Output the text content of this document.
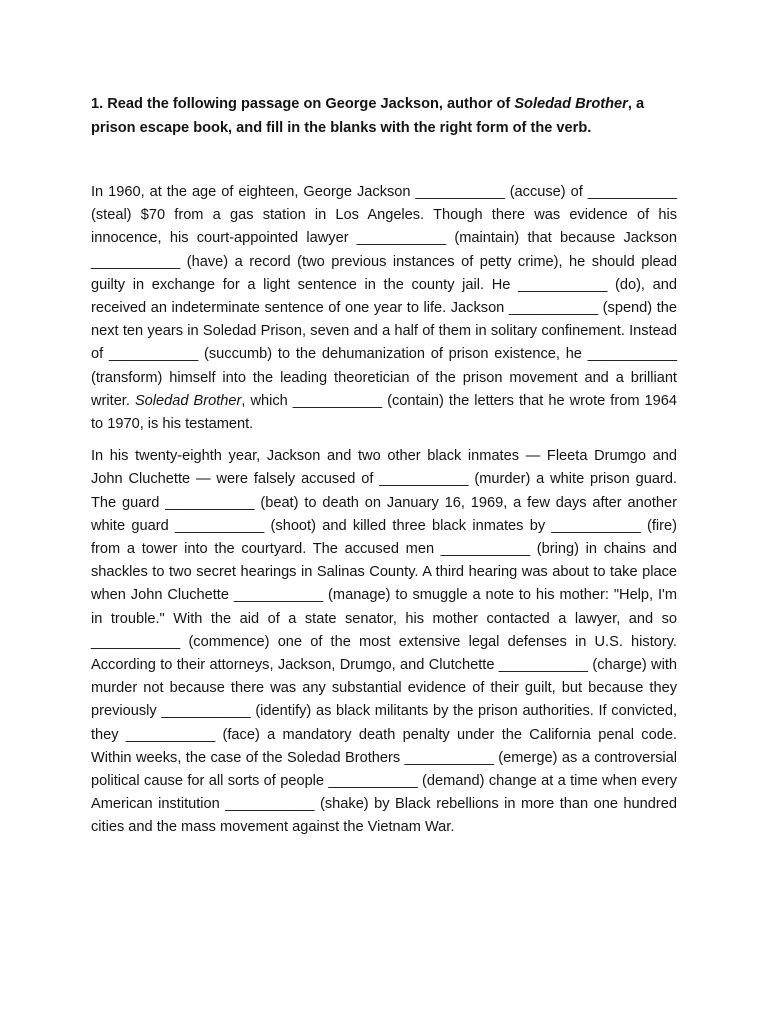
1. Read the following passage on George Jackson, author of Soledad Brother, a prison escape book, and fill in the blanks with the right form of the verb.

In 1960, at the age of eighteen, George Jackson ___________ (accuse) of ___________ (steal) $70 from a gas station in Los Angeles. Though there was evidence of his innocence, his court-appointed lawyer ___________ (maintain) that because Jackson ___________ (have) a record (two previous instances of petty crime), he should plead guilty in exchange for a light sentence in the county jail. He ___________ (do), and received an indeterminate sentence of one year to life. Jackson ___________ (spend) the next ten years in Soledad Prison, seven and a half of them in solitary confinement. Instead of ___________ (succumb) to the dehumanization of prison existence, he ___________ (transform) himself into the leading theoretician of the prison movement and a brilliant writer. Soledad Brother, which ___________ (contain) the letters that he wrote from 1964 to 1970, is his testament.

In his twenty-eighth year, Jackson and two other black inmates — Fleeta Drumgo and John Cluchette — were falsely accused of ___________ (murder) a white prison guard. The guard ___________ (beat) to death on January 16, 1969, a few days after another white guard ___________ (shoot) and killed three black inmates by ___________ (fire) from a tower into the courtyard. The accused men ___________ (bring) in chains and shackles to two secret hearings in Salinas County. A third hearing was about to take place when John Cluchette ___________ (manage) to smuggle a note to his mother: "Help, I'm in trouble." With the aid of a state senator, his mother contacted a lawyer, and so ___________ (commence) one of the most extensive legal defenses in U.S. history. According to their attorneys, Jackson, Drumgo, and Clutchette ___________ (charge) with murder not because there was any substantial evidence of their guilt, but because they previously ___________ (identify) as black militants by the prison authorities. If convicted, they ___________ (face) a mandatory death penalty under the California penal code. Within weeks, the case of the Soledad Brothers ___________ (emerge) as a controversial political cause for all sorts of people ___________ (demand) change at a time when every American institution ___________ (shake) by Black rebellions in more than one hundred cities and the mass movement against the Vietnam War.
